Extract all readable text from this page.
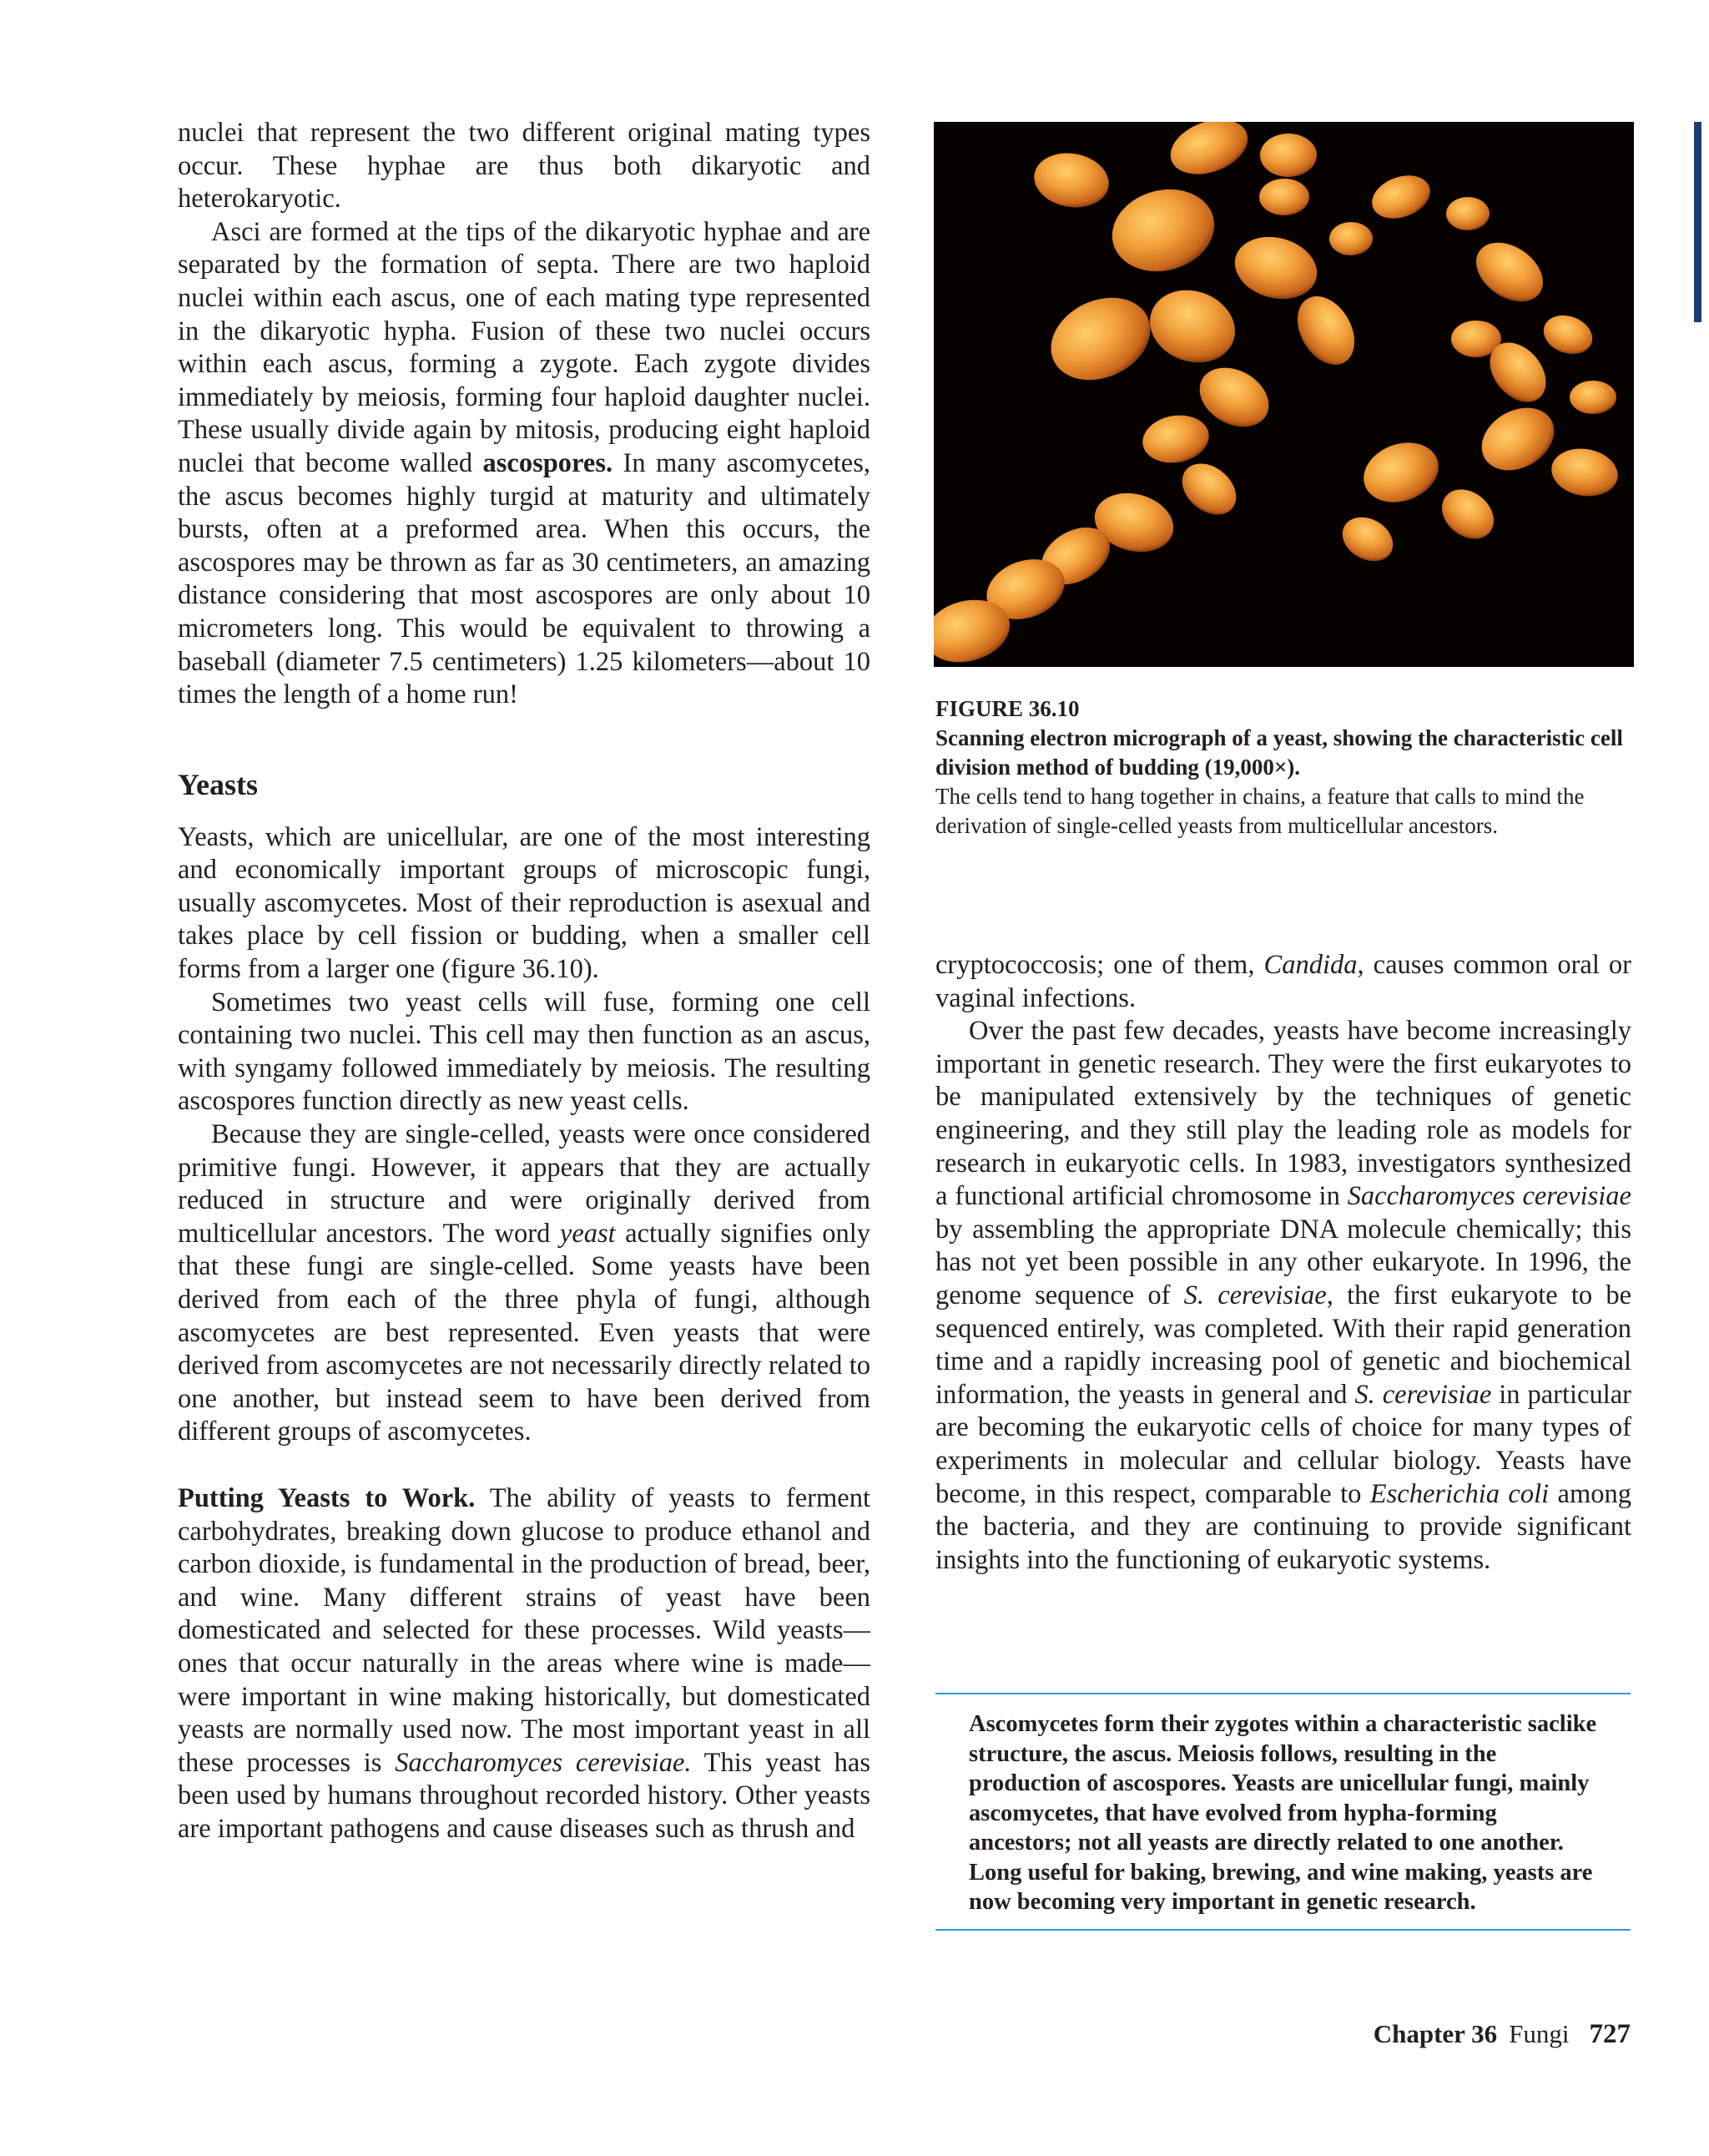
nuclei that represent the two different original mating types occur. These hyphae are thus both dikaryotic and heterokaryotic.

Asci are formed at the tips of the dikaryotic hyphae and are separated by the formation of septa. There are two haploid nuclei within each ascus, one of each mating type represented in the dikaryotic hypha. Fusion of these two nuclei occurs within each ascus, forming a zygote. Each zygote divides immediately by meiosis, forming four haploid daughter nuclei. These usually divide again by mitosis, producing eight haploid nuclei that become walled ascospores. In many ascomycetes, the ascus becomes highly turgid at maturity and ultimately bursts, often at a preformed area. When this occurs, the ascospores may be thrown as far as 30 centimeters, an amazing distance considering that most ascospores are only about 10 micrometers long. This would be equivalent to throwing a baseball (diameter 7.5 centimeters) 1.25 kilometers—about 10 times the length of a home run!

Yeasts

Yeasts, which are unicellular, are one of the most interesting and economically important groups of microscopic fungi, usually ascomycetes. Most of their reproduction is asexual and takes place by cell fission or budding, when a smaller cell forms from a larger one (figure 36.10).

Sometimes two yeast cells will fuse, forming one cell containing two nuclei. This cell may then function as an ascus, with syngamy followed immediately by meiosis. The resulting ascospores function directly as new yeast cells.

Because they are single-celled, yeasts were once considered primitive fungi. However, it appears that they are actually reduced in structure and were originally derived from multicellular ancestors. The word yeast actually signifies only that these fungi are single-celled. Some yeasts have been derived from each of the three phyla of fungi, although ascomycetes are best represented. Even yeasts that were derived from ascomycetes are not necessarily directly related to one another, but instead seem to have been derived from different groups of ascomycetes.

Putting Yeasts to Work. The ability of yeasts to ferment carbohydrates, breaking down glucose to produce ethanol and carbon dioxide, is fundamental in the production of bread, beer, and wine. Many different strains of yeast have been domesticated and selected for these processes. Wild yeasts—ones that occur naturally in the areas where wine is made—were important in wine making historically, but domesticated yeasts are normally used now. The most important yeast in all these processes is Saccharomyces cerevisiae. This yeast has been used by humans throughout recorded history. Other yeasts are important pathogens and cause diseases such as thrush and

FIGURE 36.10
Scanning electron micrograph of a yeast, showing the characteristic cell division method of budding (19,000×).
The cells tend to hang together in chains, a feature that calls to mind the derivation of single-celled yeasts from multicellular ancestors.

cryptococcosis; one of them, Candida, causes common oral or vaginal infections.

Over the past few decades, yeasts have become increasingly important in genetic research. They were the first eukaryotes to be manipulated extensively by the techniques of genetic engineering, and they still play the leading role as models for research in eukaryotic cells. In 1983, investigators synthesized a functional artificial chromosome in Saccharomyces cerevisiae by assembling the appropriate DNA molecule chemically; this has not yet been possible in any other eukaryote. In 1996, the genome sequence of S. cerevisiae, the first eukaryote to be sequenced entirely, was completed. With their rapid generation time and a rapidly increasing pool of genetic and biochemical information, the yeasts in general and S. cerevisiae in particular are becoming the eukaryotic cells of choice for many types of experiments in molecular and cellular biology. Yeasts have become, in this respect, comparable to Escherichia coli among the bacteria, and they are continuing to provide significant insights into the functioning of eukaryotic systems.

Ascomycetes form their zygotes within a characteristic saclike structure, the ascus. Meiosis follows, resulting in the production of ascospores. Yeasts are unicellular fungi, mainly ascomycetes, that have evolved from hypha-forming ancestors; not all yeasts are directly related to one another. Long useful for baking, brewing, and wine making, yeasts are now becoming very important in genetic research.

Chapter 36 Fungi 727
